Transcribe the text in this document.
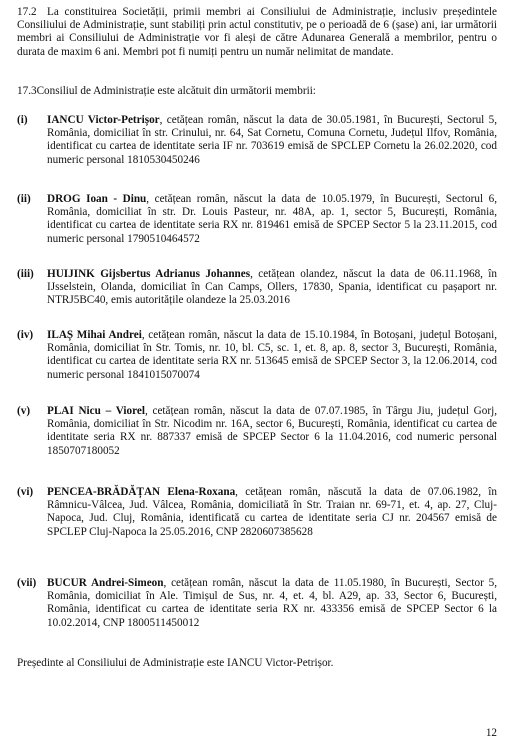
17.2 La constituirea Societății, primii membri ai Consiliului de Administrație, inclusiv președintele Consiliului de Administrație, sunt stabiliți prin actul constitutiv, pe o perioadă de 6 (șase) ani, iar următorii membri ai Consiliului de Administrație vor fi aleși de către Adunarea Generală a membrilor, pentru o durata de maxim 6 ani. Membri pot fi numiți pentru un număr nelimitat de mandate.

17.3Consiliul de Administrație este alcătuit din următorii membrii:

(i)	IANCU Victor-Petrișor, cetățean român, născut la data de 30.05.1981, în București, Sectorul 5, România, domiciliat în str. Crinului, nr. 64, Sat Cornetu, Comuna Cornetu, Județul Ilfov, România, identificat cu cartea de identitate seria IF nr. 703619 emisă de SPCLEP Cornetu la 26.02.2020, cod numeric personal 1810530450246

(ii)	DROG Ioan - Dinu, cetățean român, născut la data de 10.05.1979, în București, Sectorul 6, România, domiciliat în str. Dr. Louis Pasteur, nr. 48A, ap. 1, sector 5, București, România, identificat cu cartea de identitate seria RX nr. 819461 emisă de SPCEP Sector 5 la 23.11.2015, cod numeric personal 1790510464572

(iii)	HUIJINK Gijsbertus Adrianus Johannes, cetățean olandez, născut la data de 06.11.1968, în IJsselstein, Olanda, domiciliat în Can Camps, Ollers, 17830, Spania, identificat cu pașaport nr. NTRJ5BC40, emis autoritățile olandeze la 25.03.2016

(iv)	ILAȘ Mihai Andrei, cetățean român, născut la data de 15.10.1984, în Botoșani, județul Botoșani, România, domiciliat în Str. Tomis, nr. 10, bl. C5, sc. 1, et. 8, ap. 8, sector 3, București, România, identificat cu cartea de identitate seria RX nr. 513645 emisă de SPCEP Sector 3, la 12.06.2014, cod numeric personal 1841015070074

(v)	PLAI Nicu – Viorel, cetățean român, născut la data de 07.07.1985, în Târgu Jiu, județul Gorj, România, domiciliat în Str. Nicodim nr. 16A, sector 6, București, România, identificat cu cartea de identitate seria RX nr. 887337 emisă de SPCEP Sector 6 la 11.04.2016, cod numeric personal 1850707180052

(vi)	PENCEA-BRĂDĂȚAN Elena-Roxana, cetățean român, născută la data de 07.06.1982, în Râmnicu-Vâlcea, Jud. Vâlcea, România, domiciliată în Str. Traian nr. 69-71, et. 4, ap. 27, Cluj-Napoca, Jud. Cluj, România, identificată cu cartea de identitate seria CJ nr. 204567 emisă de SPCLEP Cluj-Napoca la 25.05.2016, CNP 2820607385628

(vii) BUCUR Andrei-Simeon, cetățean român, născut la data de 11.05.1980, în București, Sector 5, România, domiciliat în Ale. Timișul de Sus, nr. 4, et. 4, bl. A29, ap. 33, Sector 6, București, România, identificat cu cartea de identitate seria RX nr. 433356 emisă de SPCEP Sector 6 la 10.02.2014, CNP 1800511450012

Președinte al Consiliului de Administrație este IANCU Victor-Petrișor.

12
